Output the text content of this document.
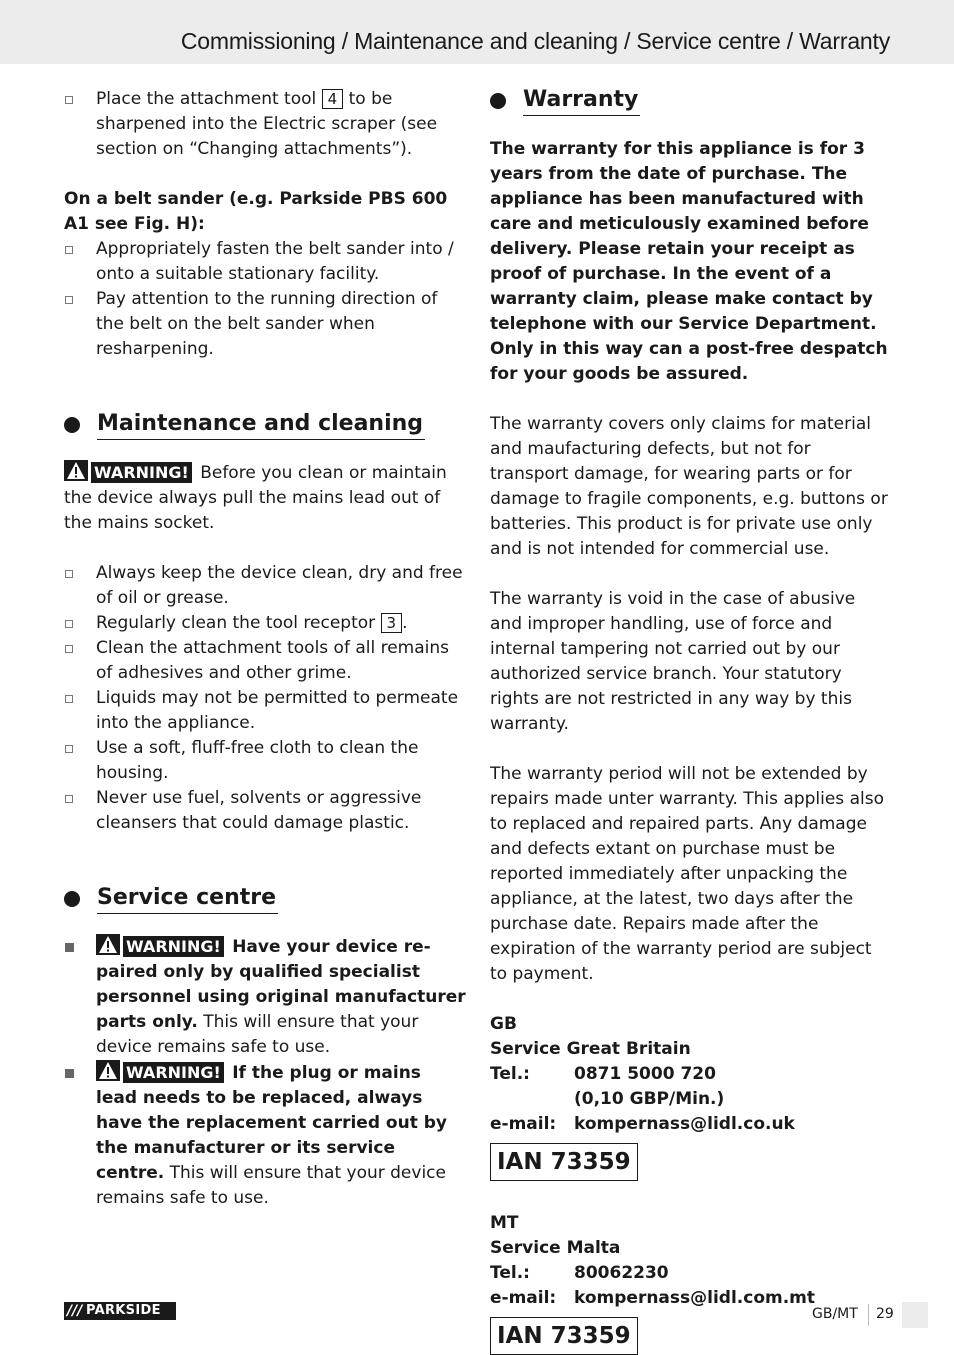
Commissioning / Maintenance and cleaning / Service centre / Warranty
Place the attachment tool 4 to be sharpened into the Electric scraper (see section on “Changing attachments”).
On a belt sander (e.g. Parkside PBS 600 A1 see Fig. H):
Appropriately fasten the belt sander into / onto a suitable stationary facility.
Pay attention to the running direction of the belt on the belt sander when resharpening.
Maintenance and cleaning
WARNING! Before you clean or maintain the device always pull the mains lead out of the mains socket.
Always keep the device clean, dry and free of oil or grease.
Regularly clean the tool receptor 3 .
Clean the attachment tools of all remains of adhesives and other grime.
Liquids may not be permitted to permeate into the appliance.
Use a soft, fluff-free cloth to clean the housing.
Never use fuel, solvents or aggressive cleansers that could damage plastic.
Service centre
WARNING! Have your device re-paired only by qualified specialist personnel using original manufacturer parts only. This will ensure that your device remains safe to use.
WARNING! If the plug or mains lead needs to be replaced, always have the replacement carried out by the manufacturer or its service centre. This will ensure that your device remains safe to use.
Warranty
The warranty for this appliance is for 3 years from the date of purchase. The appliance has been manufactured with care and meticulously examined before delivery. Please retain your receipt as proof of purchase. In the event of a warranty claim, please make contact by telephone with our Service Department. Only in this way can a post-free despatch for your goods be assured.
The warranty covers only claims for material and maufacturing defects, but not for transport damage, for wearing parts or for damage to fragile components, e.g. buttons or batteries. This product is for private use only and is not intended for commercial use.
The warranty is void in the case of abusive and improper handling, use of force and internal tampering not carried out by our authorized service branch. Your statutory rights are not restricted in any way by this warranty.
The warranty period will not be extended by repairs made unter warranty. This applies also to replaced and repaired parts. Any damage and defects extant on purchase must be reported immediately after unpacking the appliance, at the latest, two days after the purchase date. Repairs made after the expiration of the warranty period are subject to payment.
GB
Service Great Britain
Tel.:	0871 5000 720
(0,10 GBP/Min.)
e-mail:	kompernass@lidl.co.uk
IAN 73359
MT
Service Malta
Tel.:	80062230
e-mail:	kompernass@lidl.com.mt
IAN 73359
/// PARKSIDE	GB/MT 29
